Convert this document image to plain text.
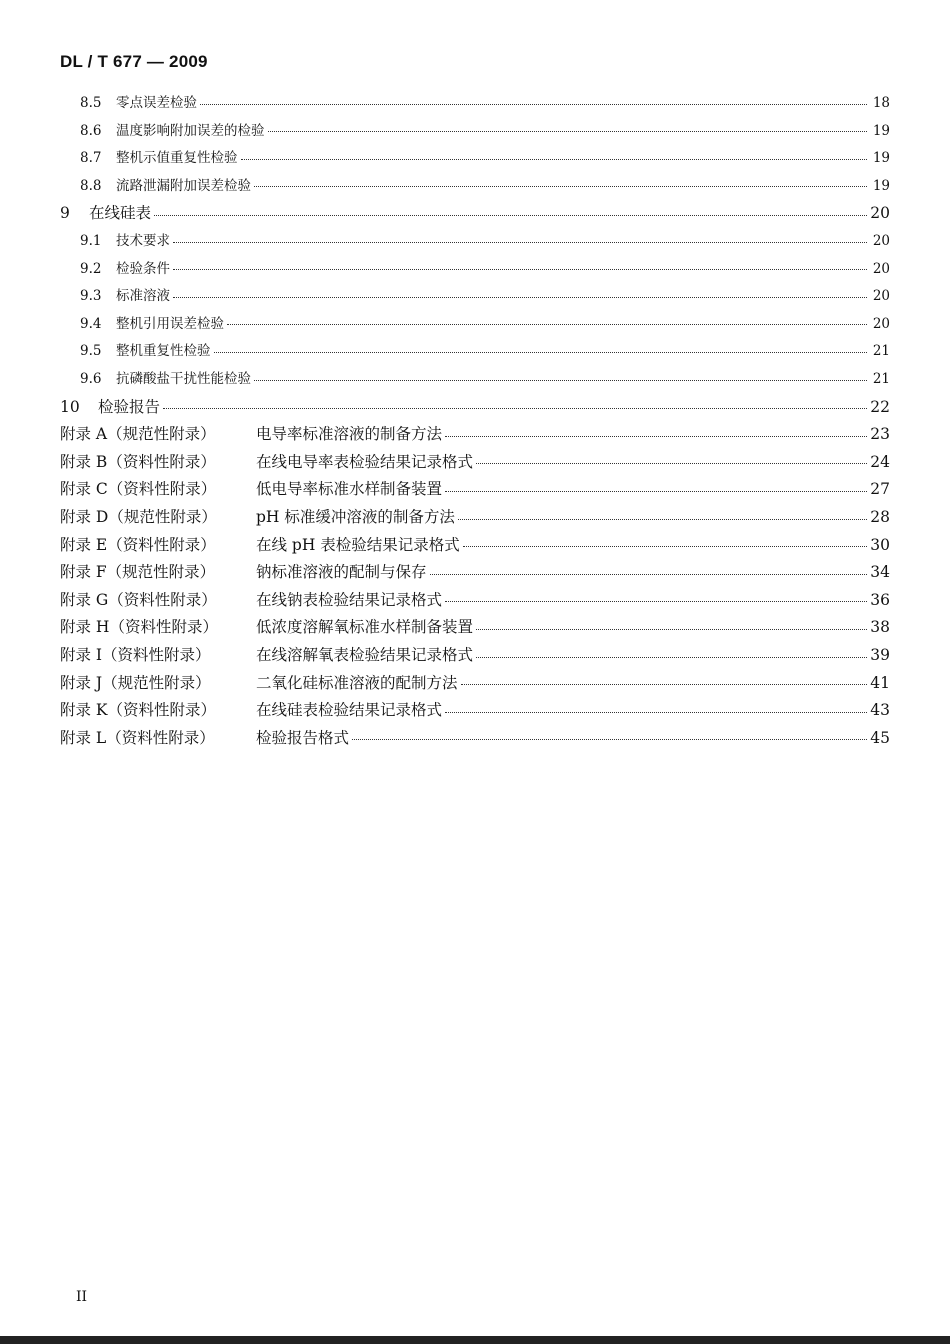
DL / T 677 — 2009
8.5	零点误差检验	18
8.6	温度影响附加误差的检验	19
8.7	整机示值重复性检验	19
8.8	流路泄漏附加误差检验	19
9	在线硅表	20
9.1	技术要求	20
9.2	检验条件	20
9.3	标准溶液	20
9.4	整机引用误差检验	20
9.5	整机重复性检验	21
9.6	抗磷酸盐干扰性能检验	21
10	检验报告	22
附录 A（规范性附录）	电导率标准溶液的制备方法	23
附录 B（资料性附录）	在线电导率表检验结果记录格式	24
附录 C（资料性附录）	低电导率标准水样制备装置	27
附录 D（规范性附录）	pH 标准缓冲溶液的制备方法	28
附录 E（资料性附录）	在线 pH 表检验结果记录格式	30
附录 F（规范性附录）	钠标准溶液的配制与保存	34
附录 G（资料性附录）	在线钠表检验结果记录格式	36
附录 H（资料性附录）	低浓度溶解氧标准水样制备装置	38
附录 I（资料性附录）	在线溶解氧表检验结果记录格式	39
附录 J（规范性附录）	二氧化硅标准溶液的配制方法	41
附录 K（资料性附录）	在线硅表检验结果记录格式	43
附录 L（资料性附录）	检验报告格式	45
II
